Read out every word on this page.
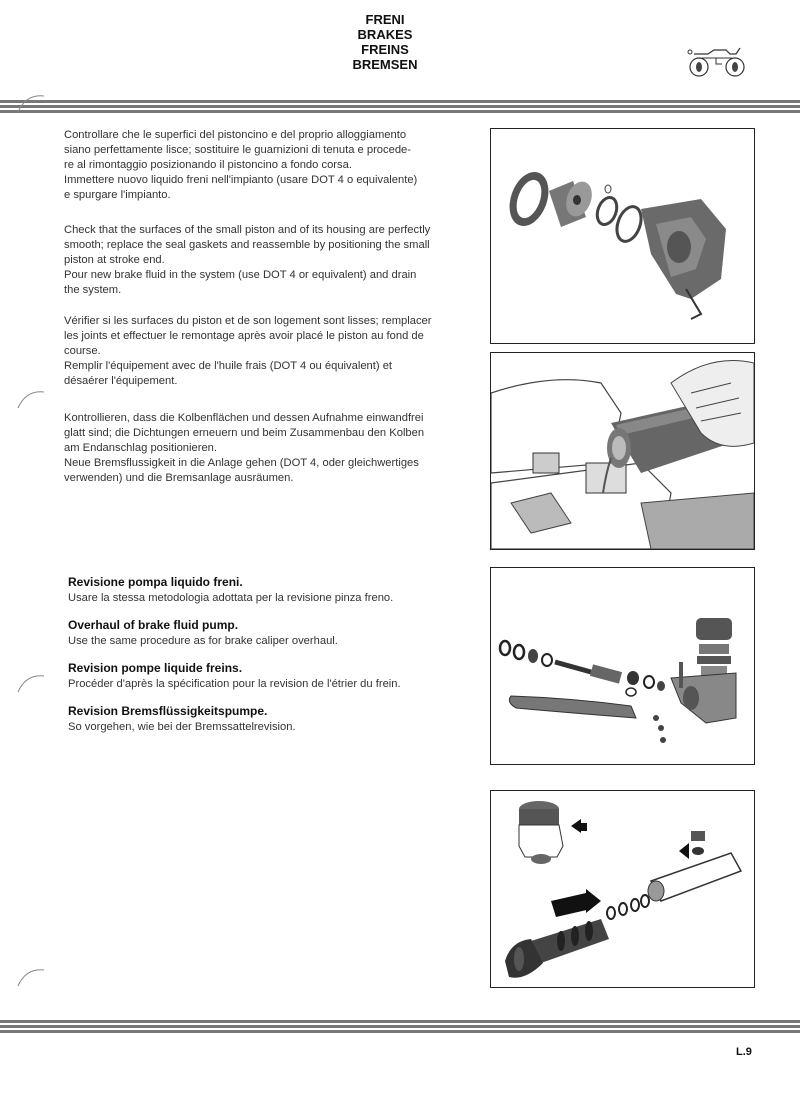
FRENI
BRAKES
FREINS
BREMSEN

Controllare che le superfici del pistoncino e del proprio alloggiamento
siano perfettamente lisce; sostituire le guarnizioni di tenuta e procede-
re al rimontaggio posizionando il pistoncino a fondo corsa.
Immettere nuovo liquido freni nell'impianto (usare DOT 4 o equivalente)
e spurgare l'impianto.

Check that the surfaces of the small piston and of its housing are perfectly
smooth; replace the seal gaskets and reassemble by positioning the small
piston at stroke end.
Pour new brake fluid in the system (use DOT 4 or equivalent) and drain
the system.

Vérifier si les surfaces du piston et de son logement sont lisses; remplacer
les joints et effectuer le remontage après avoir placé le piston au fond de
course.
Remplir l'équipement avec de l'huile frais (DOT 4 ou équivalent) et
désaérer l'équipement.

Kontrollieren, dass die Kolbenflächen und dessen Aufnahme einwandfrei
glatt sind; die Dichtungen erneuern und beim Zusammenbau den Kolben
am Endanschlag positionieren.
Neue Bremsflussigkeit in die Anlage gehen (DOT 4, oder gleichwertiges
verwenden) und die Bremsanlage ausräumen.

Revisione pompa liquido freni.
Usare la stessa metodologia adottata per la revisione pinza freno.
Overhaul of brake fluid pump.
Use the same procedure as for brake caliper overhaul.
Revision pompe liquide freins.
Procéder d'après la spécification pour la revision de l'étrier du frein.
Revision Bremsflüssigkeitspumpe.
So vorgehen, wie bei der Bremssattelrevision.
L.9
